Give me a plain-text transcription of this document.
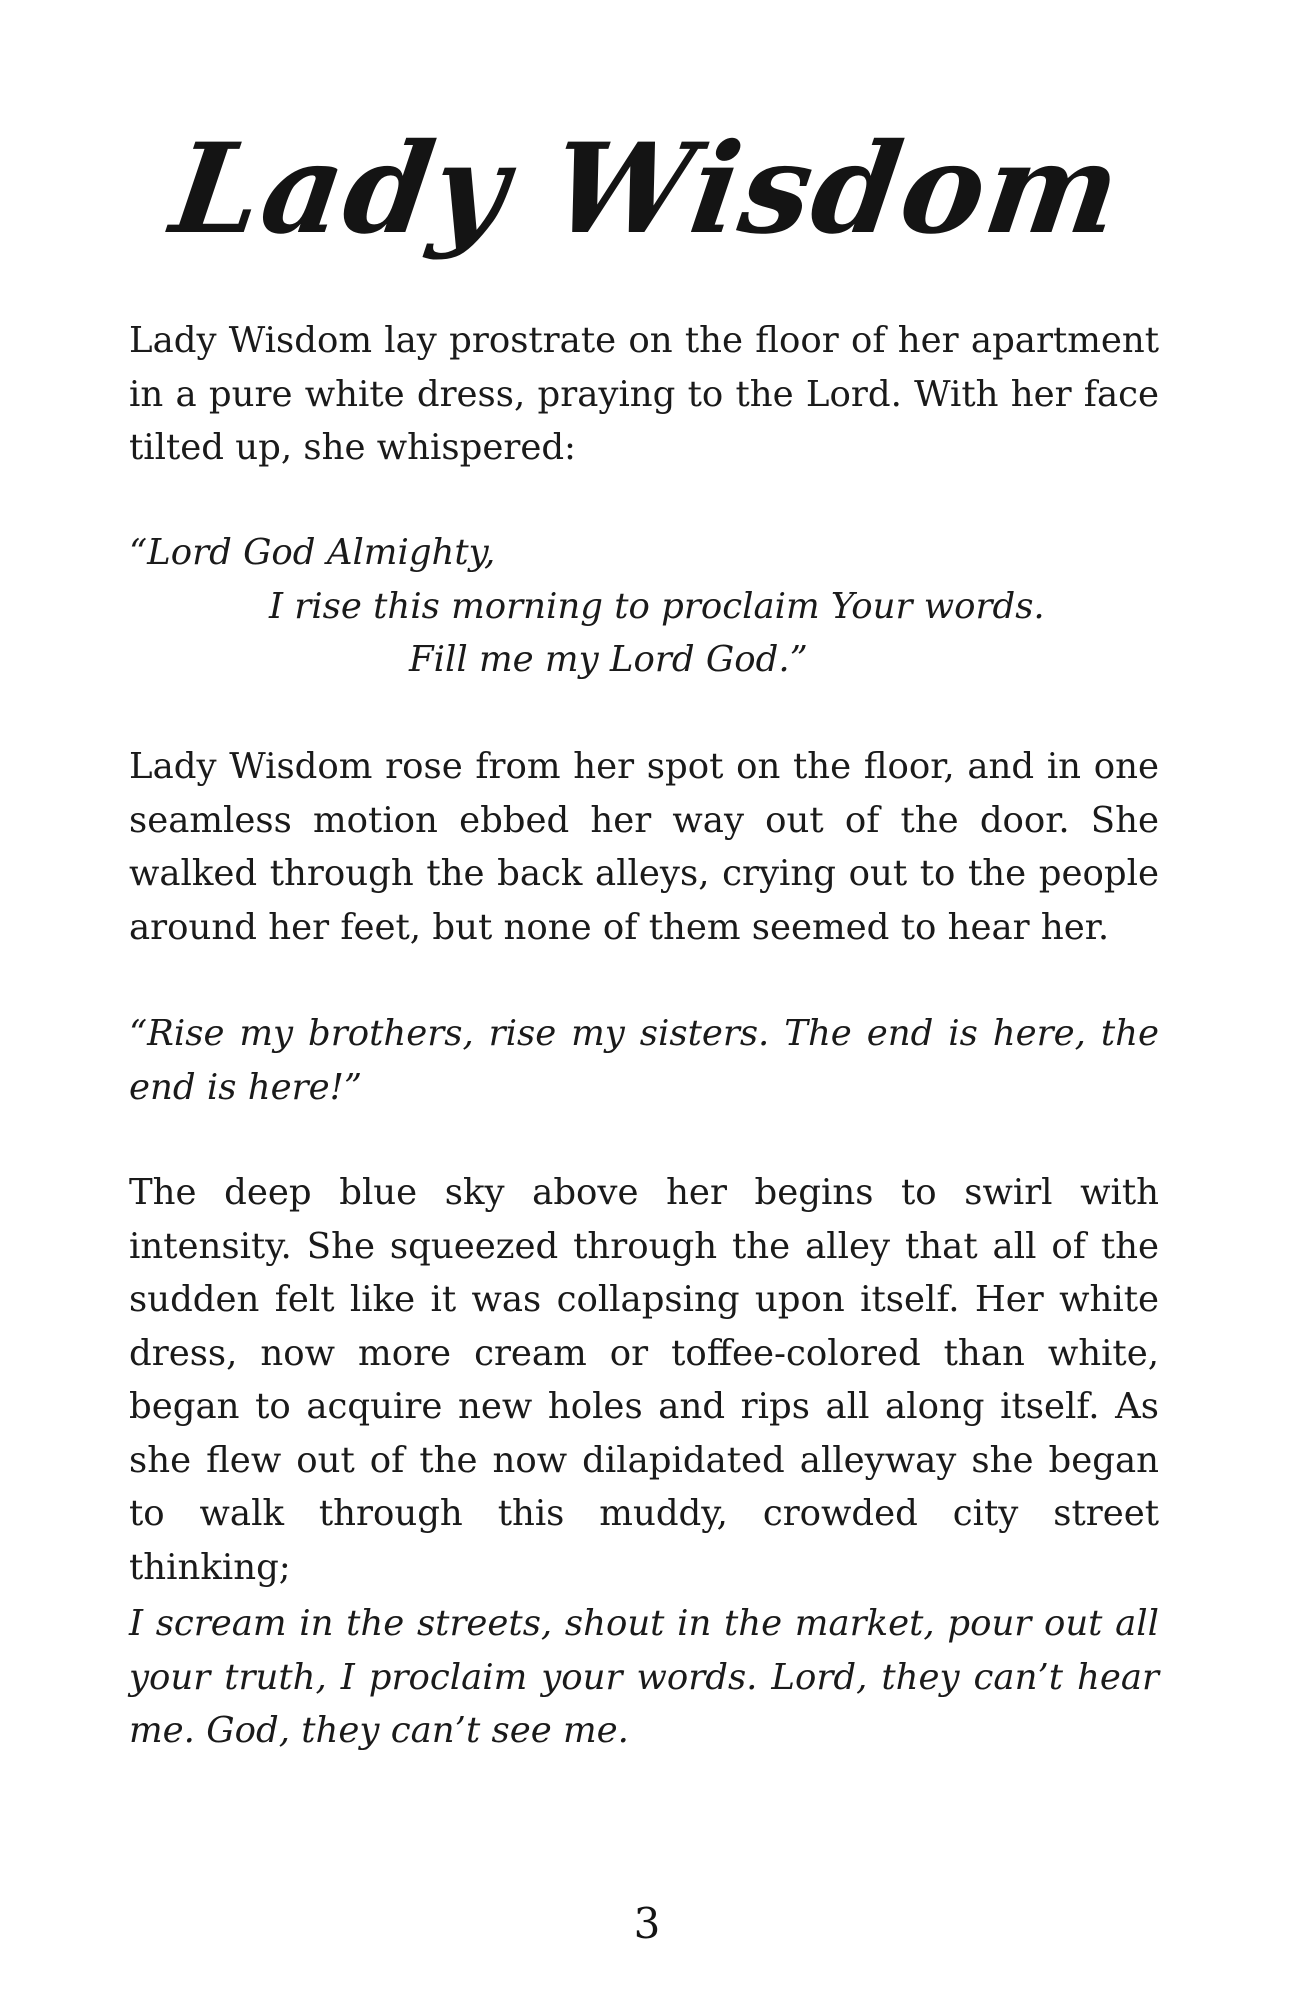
Lady Wisdom

Lady Wisdom lay prostrate on the floor of her apartment in a pure white dress, praying to the Lord. With her face tilted up, she whispered:

“Lord God Almighty,
I rise this morning to proclaim Your words.
Fill me my Lord God.”

Lady Wisdom rose from her spot on the floor, and in one seamless motion ebbed her way out of the door. She walked through the back alleys, crying out to the people around her feet, but none of them seemed to hear her.

“Rise my brothers, rise my sisters. The end is here, the end is here!”

The deep blue sky above her begins to swirl with intensity. She squeezed through the alley that all of the sudden felt like it was collapsing upon itself. Her white dress, now more cream or toffee-colored than white, began to acquire new holes and rips all along itself. As she flew out of the now dilapidated alleyway she began to walk through this muddy, crowded city street thinking;

I scream in the streets, shout in the market, pour out all your truth, I proclaim your words. Lord, they can’t hear me. God, they can’t see me.

3
